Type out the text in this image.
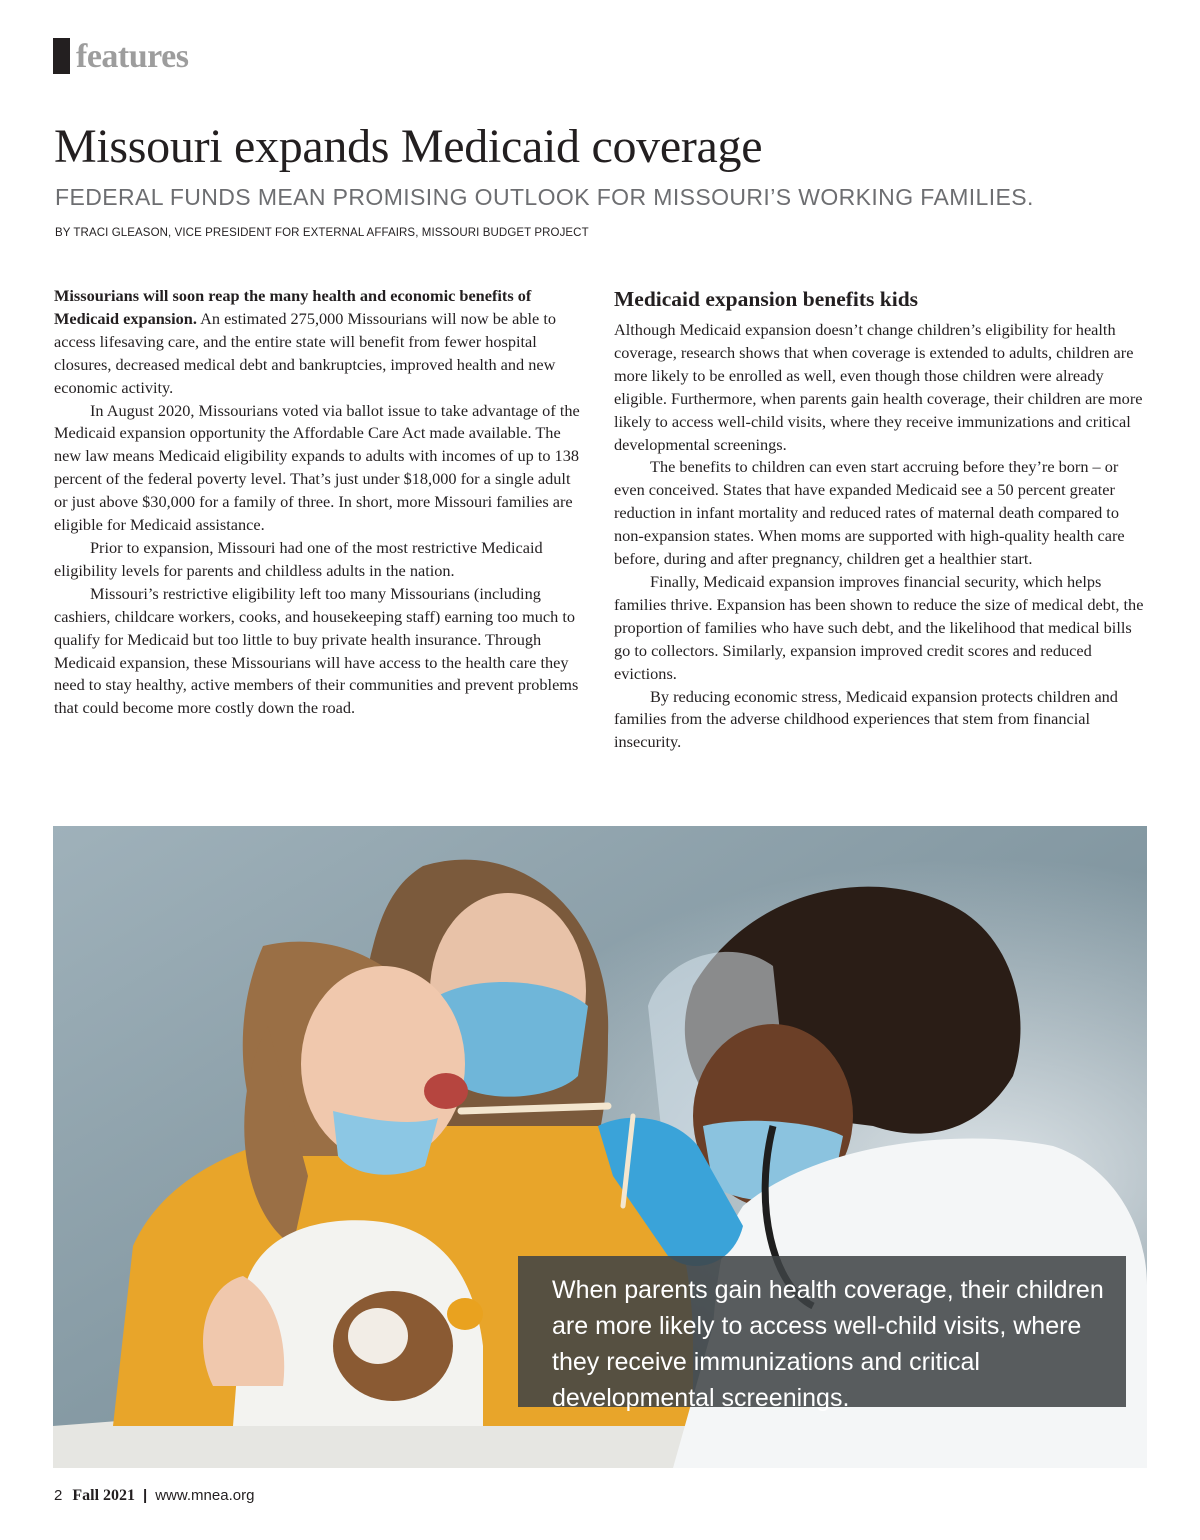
features
Missouri expands Medicaid coverage
FEDERAL FUNDS MEAN PROMISING OUTLOOK FOR MISSOURI’S WORKING FAMILIES.
BY TRACI GLEASON, VICE PRESIDENT FOR EXTERNAL AFFAIRS, MISSOURI BUDGET PROJECT

Missourians will soon reap the many health and economic benefits of Medicaid expansion. An estimated 275,000 Missourians will now be able to access lifesaving care, and the entire state will benefit from fewer hospital closures, decreased medical debt and bankruptcies, improved health and new economic activity.

In August 2020, Missourians voted via ballot issue to take advantage of the Medicaid expansion opportunity the Affordable Care Act made available. The new law means Medicaid eligibility expands to adults with incomes of up to 138 percent of the federal poverty level. That’s just under $18,000 for a single adult or just above $30,000 for a family of three. In short, more Missouri families are eligible for Medicaid assistance.

Prior to expansion, Missouri had one of the most restrictive Medicaid eligibility levels for parents and childless adults in the nation.

Missouri’s restrictive eligibility left too many Missourians (including cashiers, childcare workers, cooks, and housekeeping staff) earning too much to qualify for Medicaid but too little to buy private health insurance. Through Medicaid expansion, these Missourians will have access to the health care they need to stay healthy, active members of their communities and prevent problems that could become more costly down the road.

Medicaid expansion benefits kids

Although Medicaid expansion doesn’t change children’s eligibility for health coverage, research shows that when coverage is extended to adults, children are more likely to be enrolled as well, even though those children were already eligible. Furthermore, when parents gain health coverage, their children are more likely to access well-child visits, where they receive immunizations and critical developmental screenings.

The benefits to children can even start accruing before they’re born – or even conceived. States that have expanded Medicaid see a 50 percent greater reduction in infant mortality and reduced rates of maternal death compared to non-expansion states. When moms are supported with high-quality health care before, during and after pregnancy, children get a healthier start.

Finally, Medicaid expansion improves financial security, which helps families thrive. Expansion has been shown to reduce the size of medical debt, the proportion of families who have such debt, and the likelihood that medical bills go to collectors. Similarly, expansion improved credit scores and reduced evictions.

By reducing economic stress, Medicaid expansion protects children and families from the adverse childhood experiences that stem from financial insecurity.

When parents gain health coverage, their children are more likely to access well-child visits, where they receive immunizations and critical developmental screenings.
2 Fall 2021 | www.mnea.org
